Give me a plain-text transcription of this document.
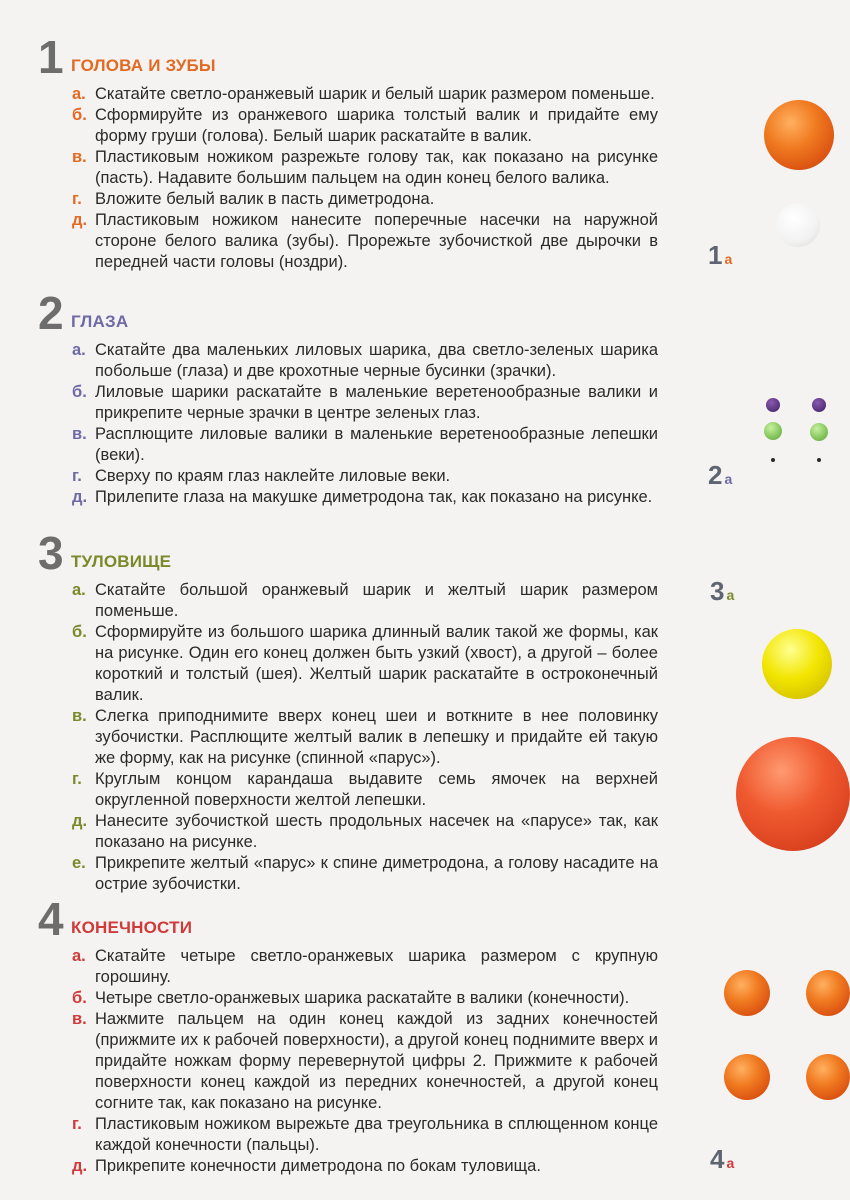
1 ГОЛОВА И ЗУБЫ
а. Скатайте светло-оранжевый шарик и белый шарик размером поменьше.
б. Сформируйте из оранжевого шарика толстый валик и придайте ему форму груши (голова). Белый шарик раскатайте в валик.
в. Пластиковым ножиком разрежьте голову так, как показано на рисунке (пасть). Надавите большим пальцем на один конец белого валика.
г. Вложите белый валик в пасть диметродона.
д. Пластиковым ножиком нанесите поперечные насечки на наружной стороне белого валика (зубы). Прорежьте зубочисткой две дырочки в передней части головы (ноздри).
2 ГЛАЗА
а. Скатайте два маленьких лиловых шарика, два светло-зеленых шарика побольше (глаза) и две крохотные черные бусинки (зрачки).
б. Лиловые шарики раскатайте в маленькие веретенообразные валики и прикрепите черные зрачки в центре зеленых глаз.
в. Расплющите лиловые валики в маленькие веретенообразные лепешки (веки).
г. Сверху по краям глаз наклейте лиловые веки.
д. Прилепите глаза на макушке диметродона так, как показано на рисунке.
3 ТУЛОВИЩЕ
а. Скатайте большой оранжевый шарик и желтый шарик размером поменьше.
б. Сформируйте из большого шарика длинный валик такой же формы, как на рисунке. Один его конец должен быть узкий (хвост), а другой – более короткий и толстый (шея). Желтый шарик раскатайте в остроконечный валик.
в. Слегка приподнимите вверх конец шеи и воткните в нее половинку зубочистки. Расплющите желтый валик в лепешку и придайте ей такую же форму, как на рисунке (спинной «парус»).
г. Круглым концом карандаша выдавите семь ямочек на верхней округленной поверхности желтой лепешки.
д. Нанесите зубочисткой шесть продольных насечек на «парусе» так, как показано на рисунке.
е. Прикрепите желтый «парус» к спине диметродона, а голову насадите на острие зубочистки.
4 КОНЕЧНОСТИ
а. Скатайте четыре светло-оранжевых шарика размером с крупную горошину.
б. Четыре светло-оранжевых шарика раскатайте в валики (конечности).
в. Нажмите пальцем на один конец каждой из задних конечностей (прижмите их к рабочей поверхности), а другой конец поднимите вверх и придайте ножкам форму перевернутой цифры 2. Прижмите к рабочей поверхности конец каждой из передних конечностей, а другой конец согните так, как показано на рисунке.
г. Пластиковым ножиком вырежьте два треугольника в сплющенном конце каждой конечности (пальцы).
д. Прикрепите конечности диметродона по бокам туловища.
1 а
2 а
3 а
4 а
